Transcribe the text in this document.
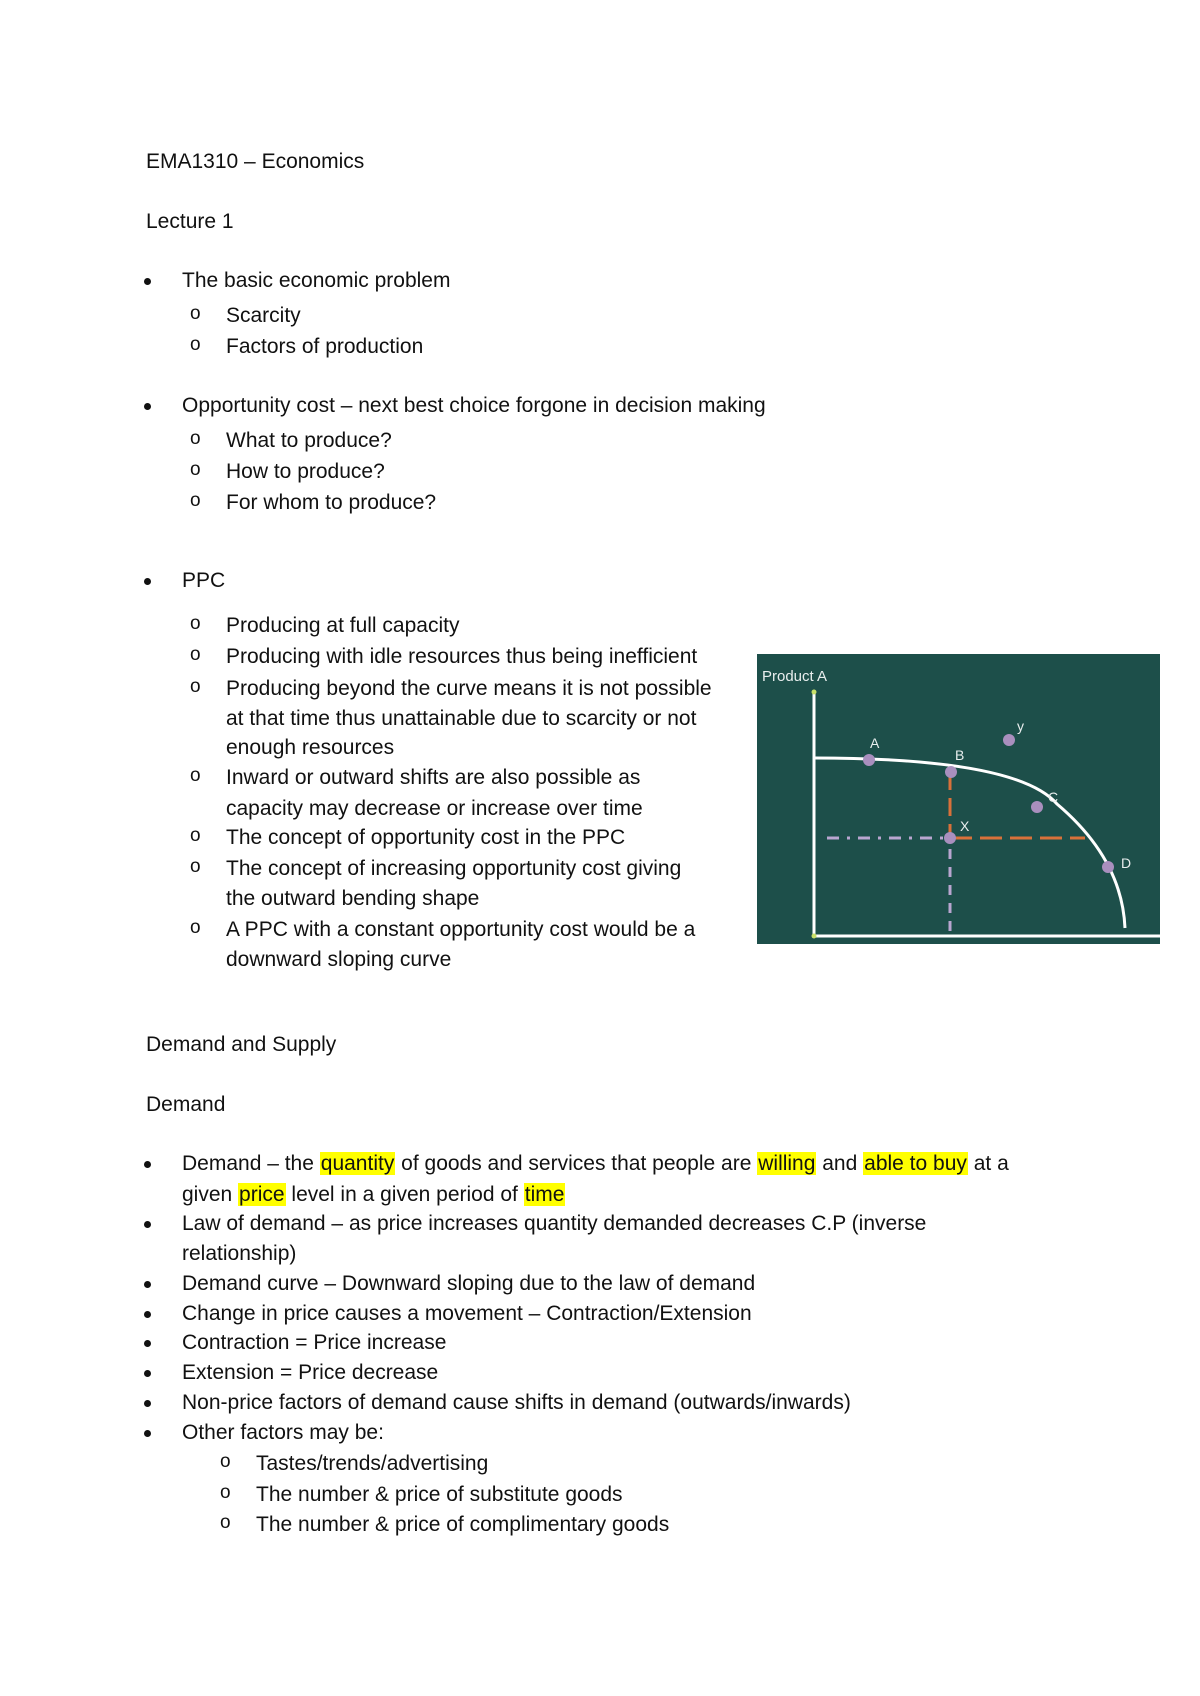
EMA1310 – Economics
Lecture 1
The basic economic problem
o Scarcity
o Factors of production
Opportunity cost – next best choice forgone in decision making
o What to produce?
o How to produce?
o For whom to produce?
PPC
o Producing at full capacity
o Producing with idle resources thus being inefficient
o Producing beyond the curve means it is not possible
at that time thus unattainable due to scarcity or not
enough resources
o Inward or outward shifts are also possible as
capacity may decrease or increase over time
o The concept of opportunity cost in the PPC
o The concept of increasing opportunity cost giving
the outward bending shape
o A PPC with a constant opportunity cost would be a
downward sloping curve
Product A
A
B
C
D
X
y
Demand and Supply
Demand
Demand – the quantity of goods and services that people are willing and able to buy at a
given price level in a given period of time
Law of demand – as price increases quantity demanded decreases C.P (inverse
relationship)
Demand curve – Downward sloping due to the law of demand
Change in price causes a movement – Contraction/Extension
Contraction = Price increase
Extension = Price decrease
Non-price factors of demand cause shifts in demand (outwards/inwards)
Other factors may be:
o Tastes/trends/advertising
o The number & price of substitute goods
o The number & price of complimentary goods
